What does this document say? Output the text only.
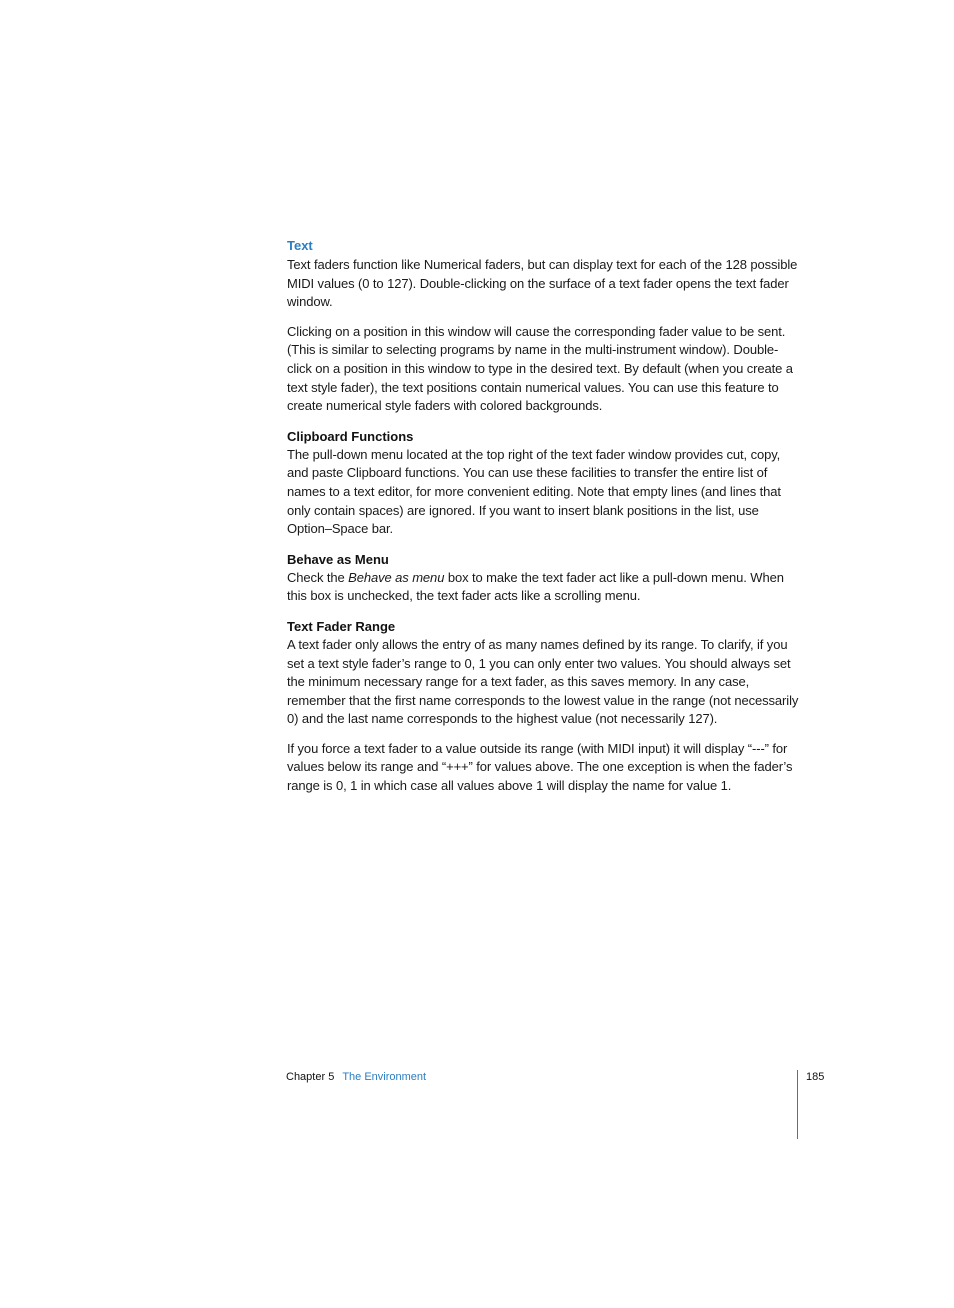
Text

Text faders function like Numerical faders, but can display text for each of the 128 possible MIDI values (0 to 127). Double-clicking on the surface of a text fader opens the text fader window.

Clicking on a position in this window will cause the corresponding fader value to be sent. (This is similar to selecting programs by name in the multi-instrument window). Double-click on a position in this window to type in the desired text. By default (when you create a text style fader), the text positions contain numerical values. You can use this feature to create numerical style faders with colored backgrounds.

Clipboard Functions

The pull-down menu located at the top right of the text fader window provides cut, copy, and paste Clipboard functions. You can use these facilities to transfer the entire list of names to a text editor, for more convenient editing. Note that empty lines (and lines that only contain spaces) are ignored. If you want to insert blank positions in the list, use Option–Space bar.

Behave as Menu

Check the Behave as menu box to make the text fader act like a pull-down menu. When this box is unchecked, the text fader acts like a scrolling menu.

Text Fader Range

A text fader only allows the entry of as many names defined by its range. To clarify, if you set a text style fader’s range to 0, 1 you can only enter two values. You should always set the minimum necessary range for a text fader, as this saves memory. In any case, remember that the first name corresponds to the lowest value in the range (not necessarily 0) and the last name corresponds to the highest value (not necessarily 127).

If you force a text fader to a value outside its range (with MIDI input) it will display “---” for values below its range and “+++” for values above. The one exception is when the fader’s range is 0, 1 in which case all values above 1 will display the name for value 1.

Chapter 5 The Environment	185
